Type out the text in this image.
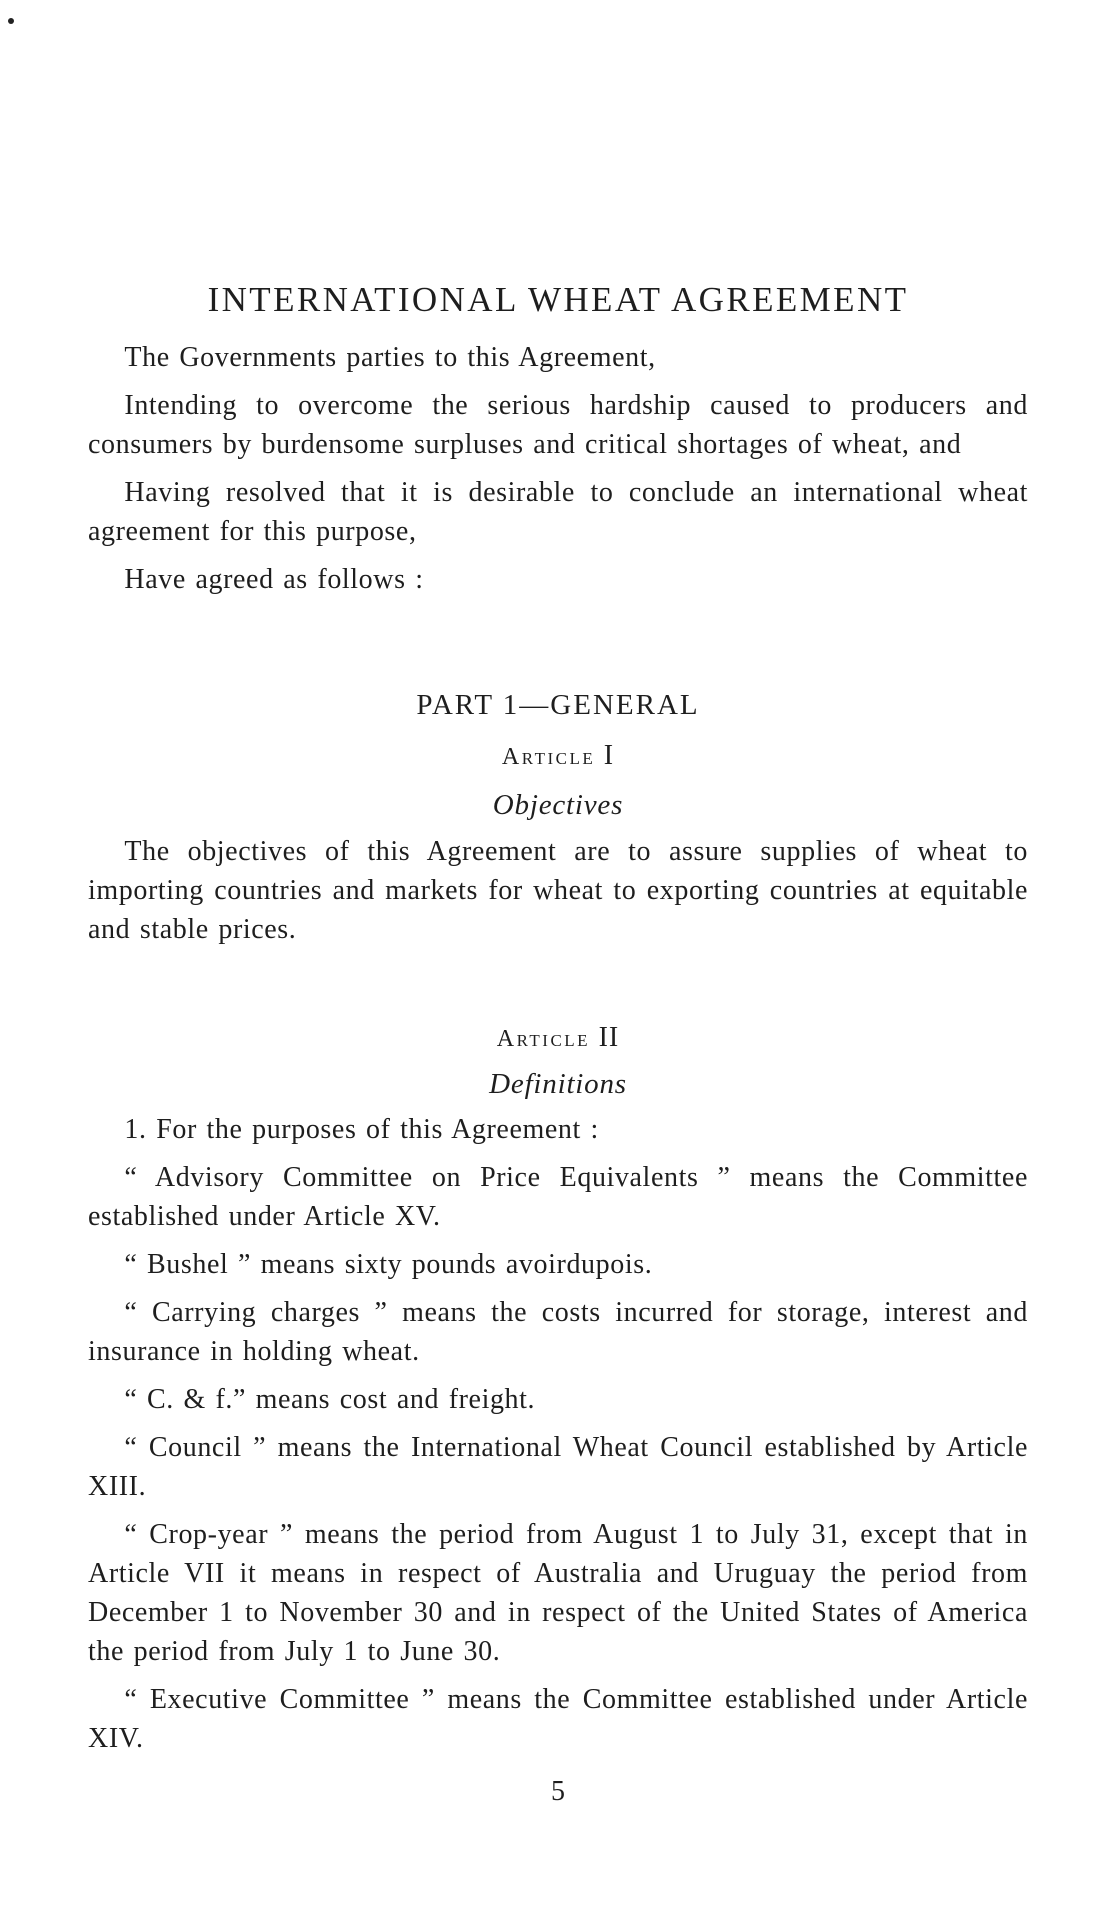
INTERNATIONAL WHEAT AGREEMENT

The Governments parties to this Agreement,

Intending to overcome the serious hardship caused to producers and consumers by burdensome surpluses and critical shortages of wheat, and

Having resolved that it is desirable to conclude an international wheat agreement for this purpose,

Have agreed as follows :

PART 1—GENERAL
Article I
Objectives

The objectives of this Agreement are to assure supplies of wheat to importing countries and markets for wheat to exporting countries at equitable and stable prices.

Article II
Definitions

1. For the purposes of this Agreement :

“ Advisory Committee on Price Equivalents ” means the Committee established under Article XV.

“ Bushel ” means sixty pounds avoirdupois.

“ Carrying charges ” means the costs incurred for storage, interest and insurance in holding wheat.

“ C. & f.” means cost and freight.

“ Council ” means the International Wheat Council established by Article XIII.

“ Crop-year ” means the period from August 1 to July 31, except that in Article VII it means in respect of Australia and Uruguay the period from December 1 to November 30 and in respect of the United States of America the period from July 1 to June 30.

“ Executive Committee ” means the Committee established under Article XIV.

5
